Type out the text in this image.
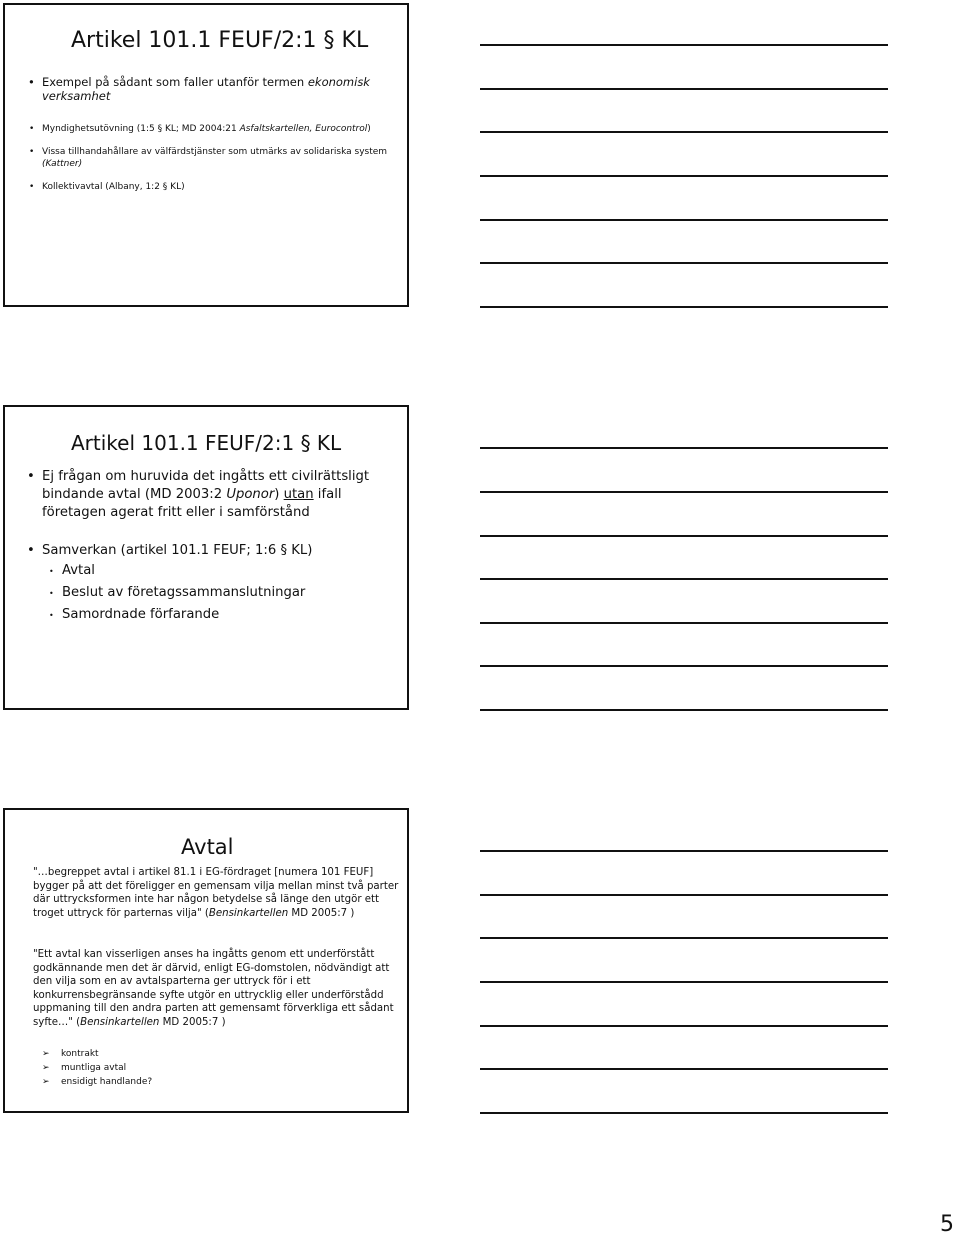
Artikel 101.1 FEUF/2:1 § KL
• Exempel på sådant som faller utanför termen ekonomisk verksamhet
• Myndighetsutövning (1:5 § KL; MD 2004:21 Asfaltskartellen, Eurocontrol)
• Vissa tillhandahållare av välfärdstjänster som utmärks av solidariska system (Kattner)
• Kollektivavtal (Albany, 1:2 § KL)
Artikel 101.1 FEUF/2:1 § KL
• Ej frågan om huruvida det ingåtts ett civilrättsligt bindande avtal (MD 2003:2 Uponor) utan ifall företagen agerat fritt eller i samförstånd
• Samverkan (artikel 101.1 FEUF; 1:6 § KL)
• Avtal
• Beslut av företagssammanslutningar
• Samordnade förfarande
Avtal

"…begreppet avtal i artikel 81.1 i EG-fördraget [numera 101 FEUF] bygger på att det föreligger en gemensam vilja mellan minst två parter där uttrycksformen inte har någon betydelse så länge den utgör ett troget uttryck för parternas vilja" (Bensinkartellen MD 2005:7 )

"Ett avtal kan visserligen anses ha ingåtts genom ett underförstått godkännande men det är därvid, enligt EG-domstolen, nödvändigt att den vilja som en av avtalsparterna ger uttryck för i ett konkurrensbegränsande syfte utgör en uttrycklig eller underförstådd uppmaning till den andra parten att gemensamt förverkliga ett sådant syfte…" (Bensinkartellen MD 2005:7 )

➢ kontrakt
➢ muntliga avtal
➢ ensidigt handlande?
5
